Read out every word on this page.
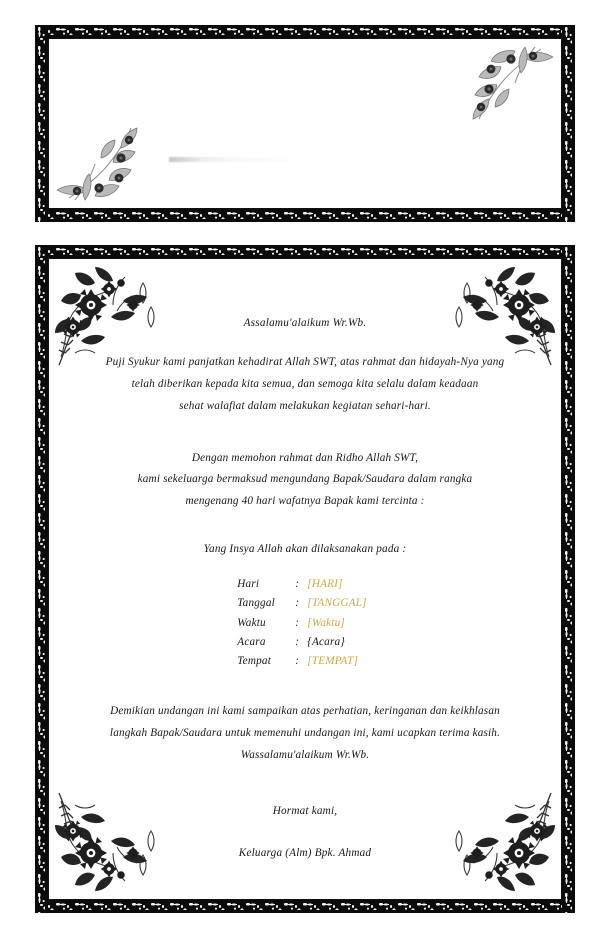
Assalamu'alaikum Wr.Wb.
Puji Syukur kami panjatkan kehadirat Allah SWT, atas rahmat dan hidayah-Nya yang
telah diberikan kepada kita semua, dan semoga kita selalu dalam keadaan
sehat walafiat dalam melakukan kegiatan sehari-hari.
Dengan memohon rahmat dan Ridho Allah SWT,
kami sekeluarga bermaksud mengundang Bapak/Saudara dalam rangka
mengenang 40 hari wafatnya Bapak kami tercinta :
Yang Insya Allah akan dilaksanakan pada :
Hari	: [HARI]
Tanggal	: [TANGGAL]
Waktu	: [Waktu]
Acara	: {Acara}
Tempat	: [TEMPAT]
Demikian undangan ini kami sampaikan atas perhatian, keringanan dan keikhlasan
langkah Bapak/Saudara untuk memenuhi undangan ini, kami ucapkan terima kasih.
Wassalamu'alaikum Wr.Wb.
Hormat kami,
Keluarga (Alm) Bpk. Ahmad
